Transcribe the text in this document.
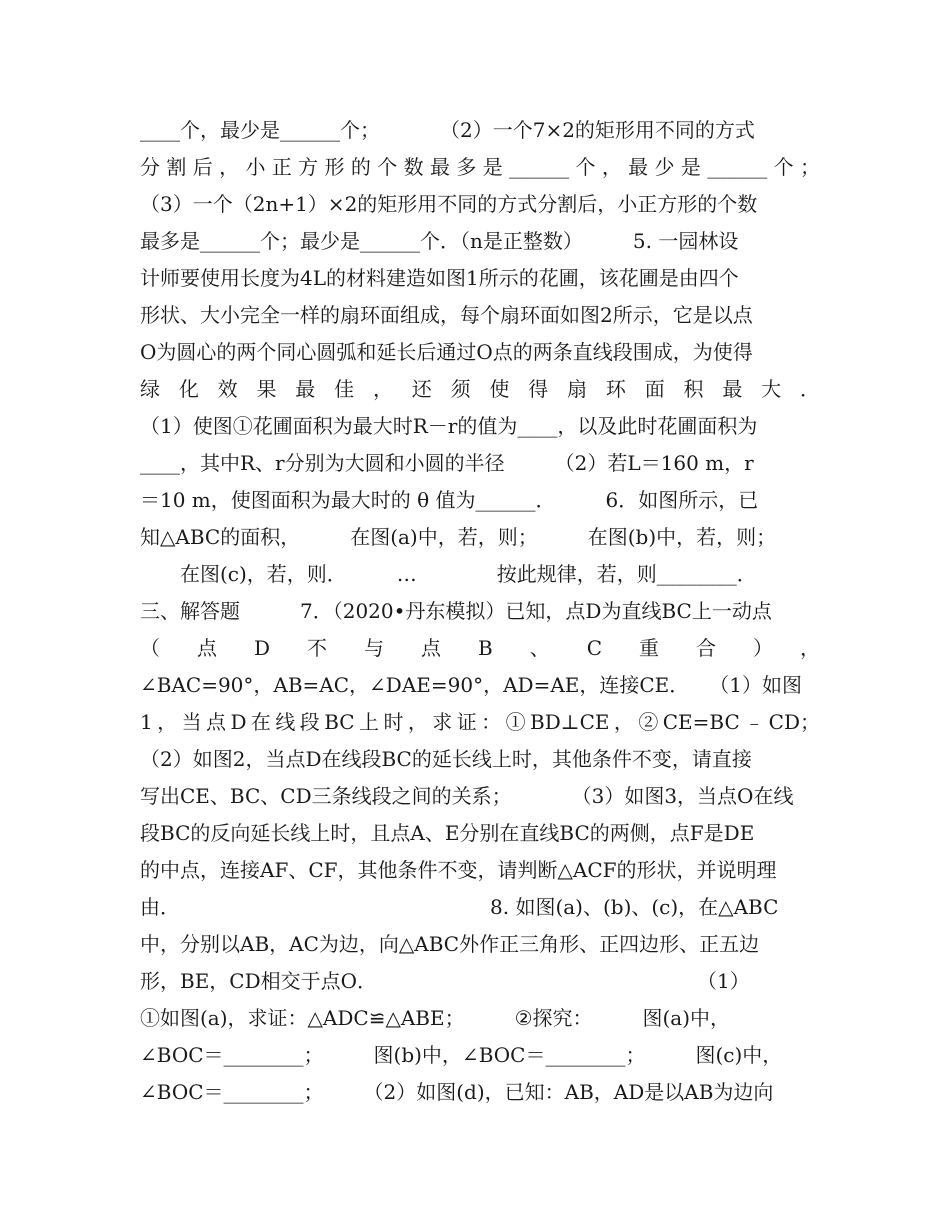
____个，最少是______个；　　　　（2）一个7×2的矩形用不同的方式
分割后，小正方形的个数最多是______个，最少是______个；
（3）一个（2n+1）×2的矩形用不同的方式分割后，小正方形的个数
最多是______个；最少是______个．（n是正整数）　　　5. 一园林设
计师要使用长度为4L的材料建造如图1所示的花圃，该花圃是由四个
形状、大小完全一样的扇环面组成，每个扇环面如图2所示，它是以点
O为圆心的两个同心圆弧和延长后通过O点的两条直线段围成，为使得
绿化效果最佳，还须使得扇环面积最大．
（1）使图①花圃面积为最大时R－r的值为____，以及此时花圃面积为
____，其中R、r分别为大圆和小圆的半径　　　（2）若L＝160 m，r
＝10 m，使图面积为最大时的 θ 值为______．　　　6．如图所示，已
知△ABC的面积，　　　在图(a)中，若，则；　　　在图(b)中，若，则；
　　在图(c)，若，则．　　　…　　　　按此规律，若，则________．
三、解答题　　　7．（2020•丹东模拟）已知，点D为直线BC上一动点
（点D不与点B、C重合），
∠BAC=90°，AB=AC，∠DAE=90°，AD=AE，连接CE．　　（1）如图
1，当点D在线段BC上时，求证：①BD⊥CE，②CE=BC﹣CD；
（2）如图2，当点D在线段BC的延长线上时，其他条件不变，请直接
写出CE、BC、CD三条线段之间的关系；　　　　（3）如图3，当点O在线
段BC的反向延长线上时，且点A、E分别在直线BC的两侧，点F是DE
的中点，连接AF、CF，其他条件不变，请判断△ACF的形状，并说明理
由．　　　　　　　　　　　　　　　　8. 如图(a)、(b)、(c)，在△ABC
中，分别以AB，AC为边，向△ABC外作正三角形、正四边形、正五边
形，BE，CD相交于点O．　　　　　　　　　　　　　　　　　（1）
①如图(a)，求证：△ADC≌△ABE；　　　②探究：　　　图(a)中，
∠BOC＝________；　　　图(b)中，∠BOC＝________；　　　图(c)中，
∠BOC＝________；　　　（2）如图(d)，已知：AB，AD是以AB为边向
